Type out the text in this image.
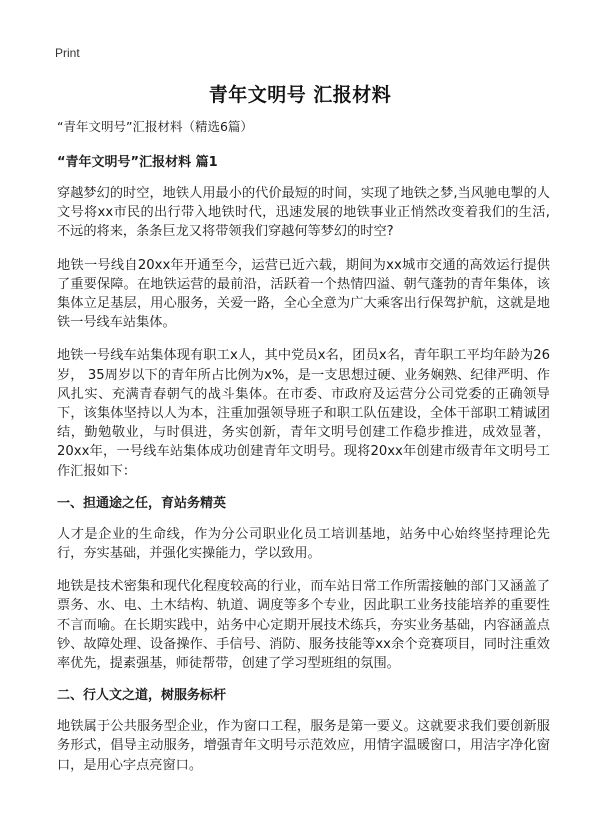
Print
青年文明号 汇报材料
“青年文明号”汇报材料（精选6篇）
“青年文明号”汇报材料 篇1

穿越梦幻的时空，地铁人用最小的代价最短的时间，实现了地铁之梦,当风驰电掣的人文号将xx市民的出行带入地铁时代，迅速发展的地铁事业正悄然改变着我们的生活,不远的将来，条条巨龙又将带领我们穿越何等梦幻的时空?

地铁一号线自20xx年开通至今，运营已近六载，期间为xx城市交通的高效运行提供了重要保障。在地铁运营的最前沿，活跃着一个热情四溢、朝气蓬勃的青年集体，该集体立足基层，用心服务，关爱一路，全心全意为广大乘客出行保驾护航，这就是地铁一号线车站集体。

地铁一号线车站集体现有职工x人，其中党员x名，团员x名，青年职工平均年龄为26岁， 35周岁以下的青年所占比例为x%，是一支思想过硬、业务娴熟、纪律严明、作风扎实、充满青春朝气的战斗集体。在市委、市政府及运营分公司党委的正确领导下，该集体坚持以人为本，注重加强领导班子和职工队伍建设，全体干部职工精诚团结，勤勉敬业，与时俱进，务实创新，青年文明号创建工作稳步推进，成效显著，20xx年，一号线车站集体成功创建青年文明号。现将20xx年创建市级青年文明号工作汇报如下：

一、担通途之任，育站务精英

人才是企业的生命线，作为分公司职业化员工培训基地，站务中心始终坚持理论先行，夯实基础，并强化实操能力，学以致用。

地铁是技术密集和现代化程度较高的行业，而车站日常工作所需接触的部门又涵盖了票务、水、电、土木结构、轨道、调度等多个专业，因此职工业务技能培养的重要性不言而喻。在长期实践中，站务中心定期开展技术练兵，夯实业务基础，内容涵盖点钞、故障处理、设备操作、手信号、消防、服务技能等xx余个竞赛项目，同时注重效率优先，提素强基，师徒帮带，创建了学习型班组的氛围。

二、行人文之道，树服务标杆

地铁属于公共服务型企业，作为窗口工程，服务是第一要义。这就要求我们要创新服务形式，倡导主动服务，增强青年文明号示范效应，用情字温暖窗口，用洁字净化窗口，是用心字点亮窗口。
